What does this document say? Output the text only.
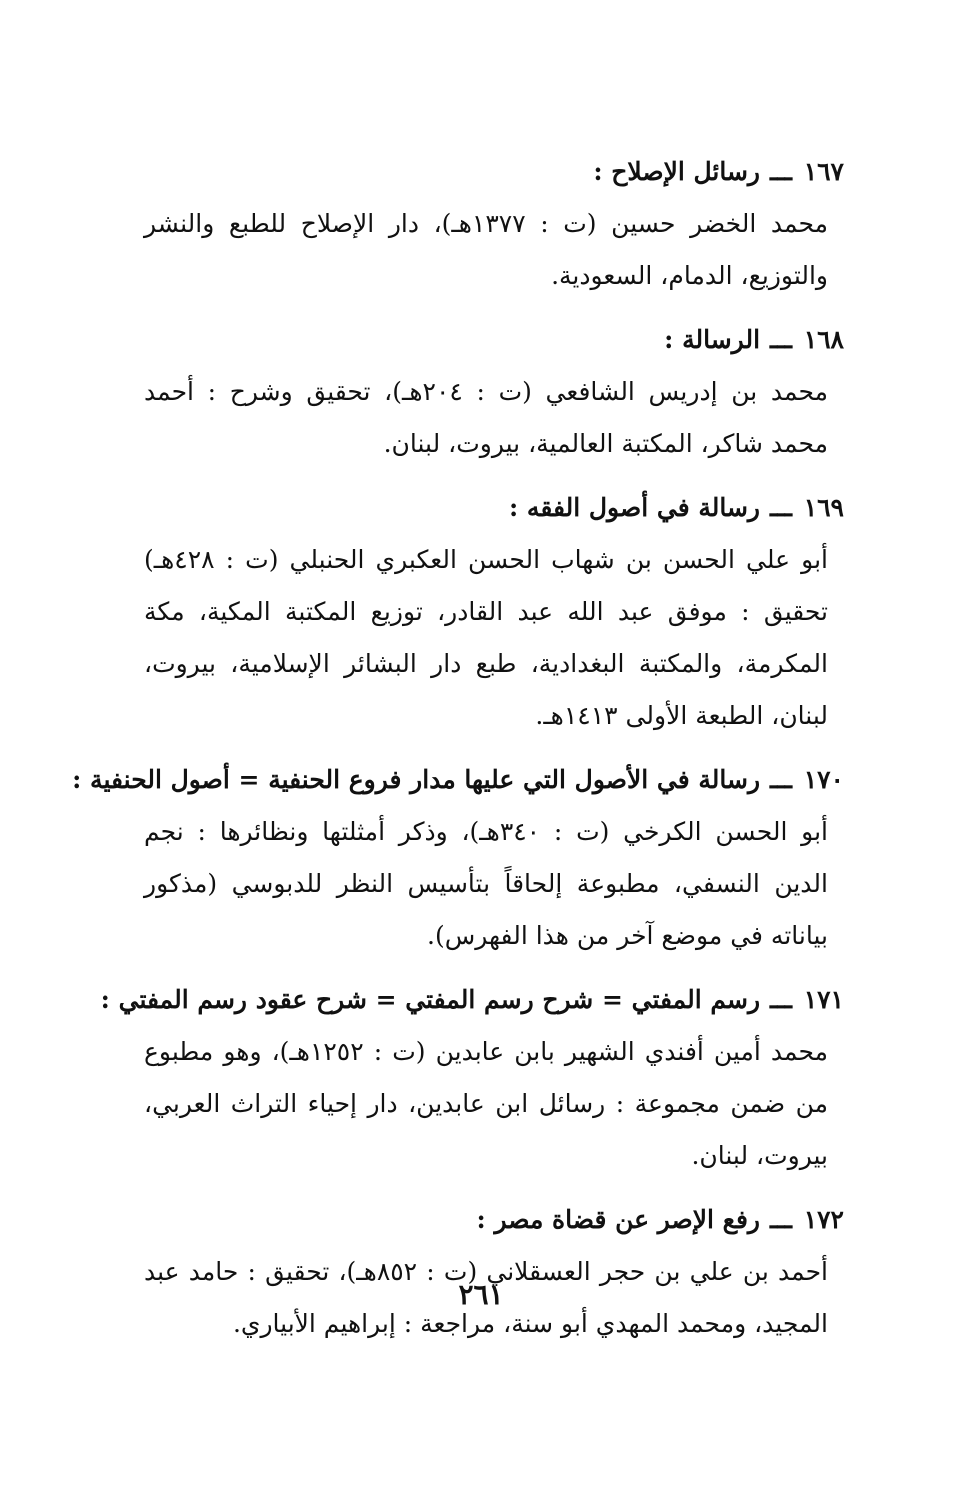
١٦٧
ـــ
رسائل الإصلاح :
محمد الخضر حسين (ت : ١٣٧٧هـ)، دار الإصلاح للطبع والنشر والتوزيع، الدمام، السعودية.
١٦٨
ـــ
الرسالة :
محمد بن إدريس الشافعي (ت : ٢٠٤هـ)، تحقيق وشرح : أحمد محمد شاكر، المكتبة العالمية، بيروت، لبنان.
١٦٩
ـــ
رسالة في أصول الفقه :
أبو علي الحسن بن شهاب الحسن العكبري الحنبلي (ت : ٤٢٨هـ) تحقيق : موفق عبد الله عبد القادر، توزيع المكتبة المكية، مكة المكرمة، والمكتبة البغدادية، طبع دار البشائر الإسلامية، بيروت، لبنان، الطبعة الأولى ١٤١٣هـ.
١٧٠
ـــ
رسالة في الأصول التي عليها مدار فروع الحنفية = أصول الحنفية :
أبو الحسن الكرخي (ت : ٣٤٠هـ)، وذكر أمثلتها ونظائرها : نجم الدين النسفي، مطبوعة إلحاقاً بتأسيس النظر للدبوسي (مذكور بياناته في موضع آخر من هذا الفهرس).
١٧١
ـــ
رسم المفتي = شرح رسم المفتي = شرح عقود رسم المفتي :
محمد أمين أفندي الشهير بابن عابدين (ت : ١٢٥٢هـ)، وهو مطبوع من ضمن مجموعة : رسائل ابن عابدين، دار إحياء التراث العربي، بيروت، لبنان.
١٧٢
ـــ
رفع الإصر عن قضاة مصر :
أحمد بن علي بن حجر العسقلاني (ت : ٨٥٢هـ)، تحقيق : حامد عبد المجيد، ومحمد المهدي أبو سنة، مراجعة : إبراهيم الأبياري.
٢٦١
